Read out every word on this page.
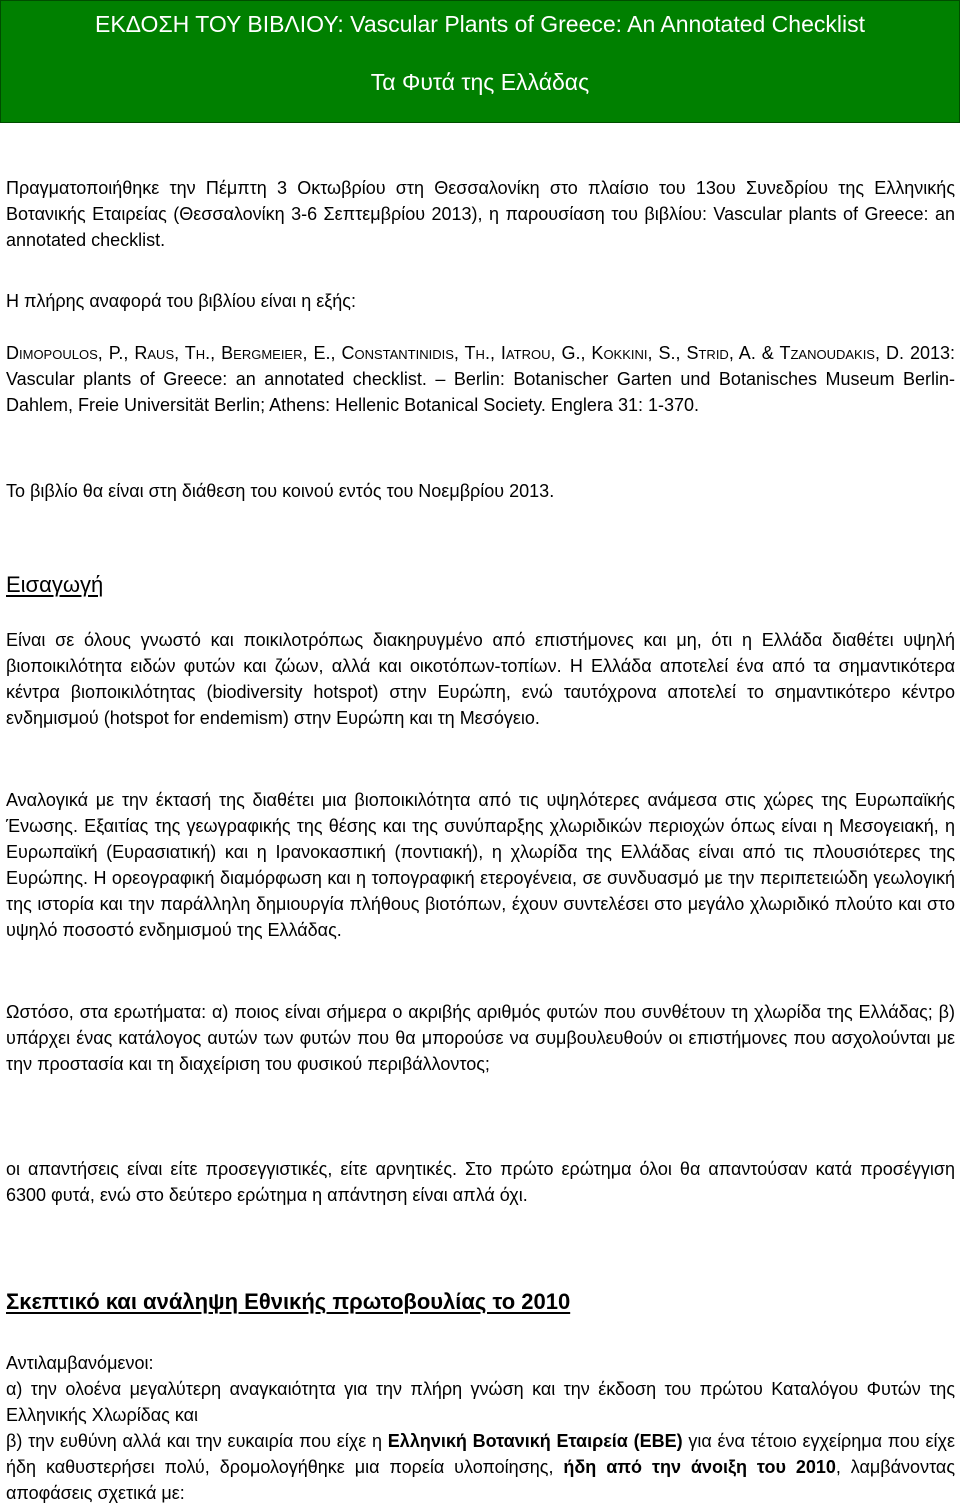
ΕΚΔΟΣΗ ΤΟΥ ΒΙΒΛΙΟΥ: Vascular Plants of Greece: An Annotated Checklist
Τα Φυτά της Ελλάδας

Πραγματοποιήθηκε την Πέμπτη 3 Οκτωβρίου στη Θεσσαλονίκη στο πλαίσιο του 13ου Συνεδρίου της Ελληνικής Βοτανικής Εταιρείας (Θεσσαλονίκη 3-6 Σεπτεμβρίου 2013), η παρουσίαση του βιβλίου: Vascular plants of Greece: an annotated checklist.

Η πλήρης αναφορά του βιβλίου είναι η εξής:

Dimopoulos, P., Raus, Th., Bergmeier, E., Constantinidis, Th., Iatrou, G., Kokkini, S., Strid, A. & Tzanoudakis, D. 2013: Vascular plants of Greece: an annotated checklist. – Berlin: Botanischer Garten und Botanisches Museum Berlin-Dahlem, Freie Universität Berlin; Athens: Hellenic Botanical Society. Englera 31: 1-370.

Το βιβλίο θα είναι στη διάθεση του κοινού εντός του Νοεμβρίου 2013.

Εισαγωγή

Είναι σε όλους γνωστό και ποικιλοτρόπως διακηρυγμένο από επιστήμονες και μη, ότι η Ελλάδα διαθέτει υψηλή βιοποικιλότητα ειδών φυτών και ζώων, αλλά και οικοτόπων-τοπίων. Η Ελλάδα αποτελεί ένα από τα σημαντικότερα κέντρα βιοποικιλότητας (biodiversity hotspot) στην Ευρώπη, ενώ ταυτόχρονα αποτελεί το σημαντικότερο κέντρο ενδημισμού (hotspot for endemism) στην Ευρώπη και τη Μεσόγειο.

Αναλογικά με την έκτασή της διαθέτει μια βιοποικιλότητα από τις υψηλότερες ανάμεσα στις χώρες της Ευρωπαϊκής Ένωσης. Εξαιτίας της γεωγραφικής της θέσης και της συνύπαρξης χλωριδικών περιοχών όπως είναι η Μεσογειακή, η Ευρωπαϊκή (Ευρασιατική) και η Ιρανοκασπική (ποντιακή), η χλωρίδα της Ελλάδας είναι από τις πλουσιότερες της Ευρώπης. Η ορεογραφική διαμόρφωση και η τοπογραφική ετερογένεια, σε συνδυασμό με την περιπετειώδη γεωλογική της ιστορία και την παράλληλη δημιουργία πλήθους βιοτόπων, έχουν συντελέσει στο μεγάλο χλωριδικό πλούτο και στο υψηλό ποσοστό ενδημισμού της Ελλάδας.

Ωστόσο, στα ερωτήματα: α) ποιος είναι σήμερα ο ακριβής αριθμός φυτών που συνθέτουν τη χλωρίδα της Ελλάδας; β) υπάρχει ένας κατάλογος αυτών των φυτών που θα μπορούσε να συμβουλευθούν οι επιστήμονες που ασχολούνται με την προστασία και τη διαχείριση του φυσικού περιβάλλοντος;

οι απαντήσεις είναι είτε προσεγγιστικές, είτε αρνητικές. Στο πρώτο ερώτημα όλοι θα απαντούσαν κατά προσέγγιση 6300 φυτά, ενώ στο δεύτερο ερώτημα η απάντηση είναι απλά όχι.

Σκεπτικό και ανάληψη Εθνικής πρωτοβουλίας το 2010

Αντιλαμβανόμενοι:
α) την ολοένα μεγαλύτερη αναγκαιότητα για την πλήρη γνώση και την έκδοση του πρώτου Καταλόγου Φυτών της Ελληνικής Χλωρίδας και
β) την ευθύνη αλλά και την ευκαιρία που είχε η Ελληνική Βοτανική Εταιρεία (ΕΒΕ) για ένα τέτοιο εγχείρημα που είχε ήδη καθυστερήσει πολύ, δρομολογήθηκε μια πορεία υλοποίησης, ήδη από την άνοιξη του 2010, λαμβάνοντας αποφάσεις σχετικά με:
